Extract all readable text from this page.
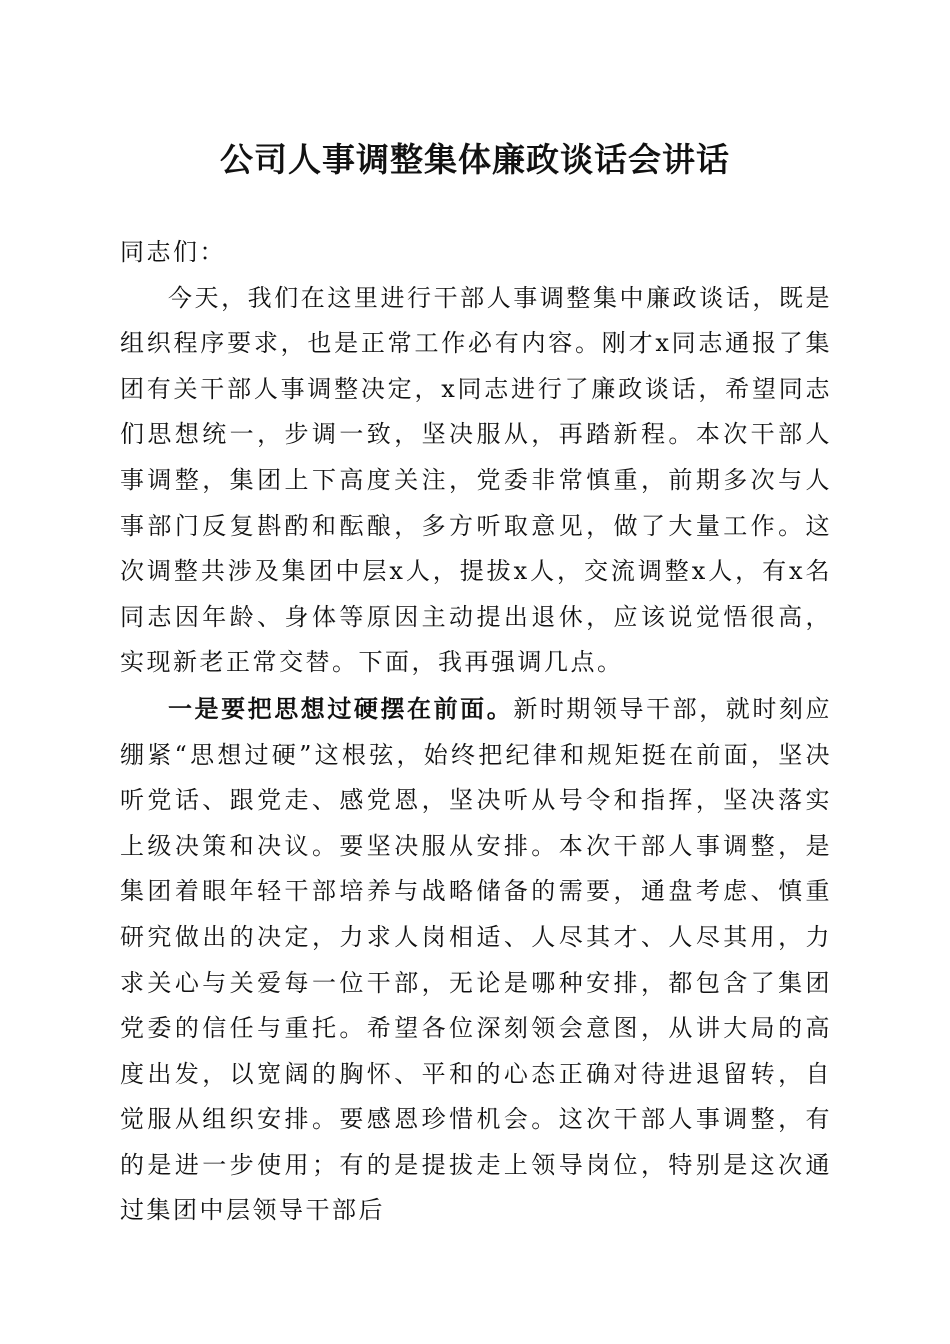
公司人事调整集体廉政谈话会讲话

同志们：

今天，我们在这里进行干部人事调整集中廉政谈话，既是组织程序要求，也是正常工作必有内容。刚才x同志通报了集团有关干部人事调整决定，x同志进行了廉政谈话，希望同志们思想统一，步调一致，坚决服从，再踏新程。本次干部人事调整，集团上下高度关注，党委非常慎重，前期多次与人事部门反复斟酌和酝酿，多方听取意见，做了大量工作。这次调整共涉及集团中层x人，提拔x人，交流调整x人，有x名同志因年龄、身体等原因主动提出退休，应该说觉悟很高，实现新老正常交替。下面，我再强调几点。

一是要把思想过硬摆在前面。新时期领导干部，就时刻应绷紧“思想过硬”这根弦，始终把纪律和规矩挺在前面，坚决听党话、跟党走、感党恩，坚决听从号令和指挥，坚决落实上级决策和决议。要坚决服从安排。本次干部人事调整，是集团着眼年轻干部培养与战略储备的需要，通盘考虑、慎重研究做出的决定，力求人岗相适、人尽其才、人尽其用，力求关心与关爱每一位干部，无论是哪种安排，都包含了集团党委的信任与重托。希望各位深刻领会意图，从讲大局的高度出发，以宽阔的胸怀、平和的心态正确对待进退留转，自觉服从组织安排。要感恩珍惜机会。这次干部人事调整，有的是进一步使用；有的是提拔走上领导岗位，特别是这次通过集团中层领导干部后
